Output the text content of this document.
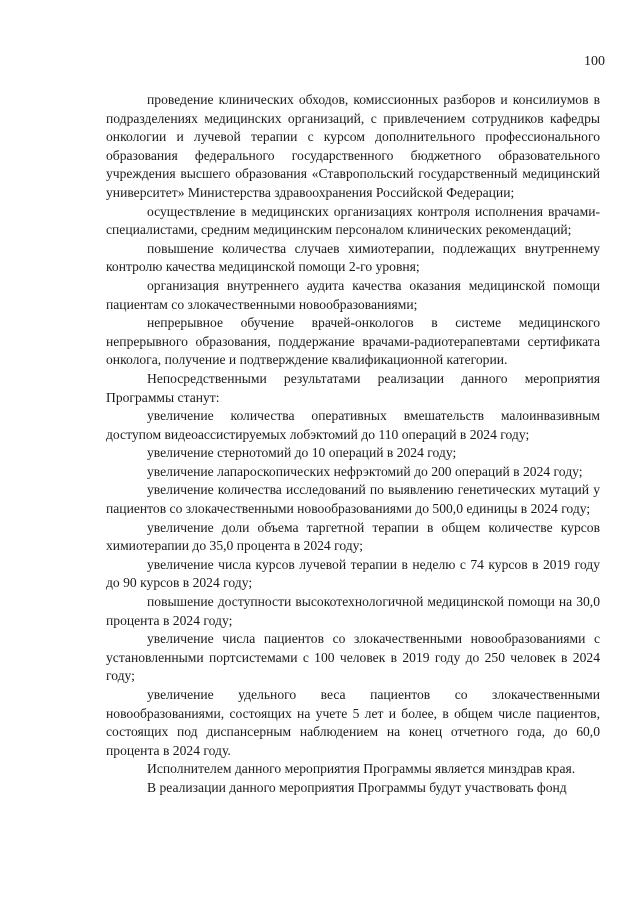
100

проведение клинических обходов, комиссионных разборов и консилиумов в подразделениях медицинских организаций, с привлечением сотрудников кафедры онкологии и лучевой терапии с курсом дополнительного профессионального образования федерального государственного бюджетного образовательного учреждения высшего образования «Ставропольский государственный медицинский университет» Министерства здравоохранения Российской Федерации;

осуществление в медицинских организациях контроля исполнения врачами-специалистами, средним медицинским персоналом клинических рекомендаций;

повышение количества случаев химиотерапии, подлежащих внутреннему контролю качества медицинской помощи 2-го уровня;

организация внутреннего аудита качества оказания медицинской помощи пациентам со злокачественными новообразованиями;

непрерывное обучение врачей-онкологов в системе медицинского непрерывного образования, поддержание врачами-радиотерапевтами сертификата онколога, получение и подтверждение квалификационной категории.

Непосредственными результатами реализации данного мероприятия Программы станут:

увеличение количества оперативных вмешательств малоинвазивным доступом видеоассистируемых лобэктомий до 110 операций в 2024 году;

увеличение стернотомий до 10 операций в 2024 году;

увеличение лапароскопических нефрэктомий до 200 операций в 2024 году;

увеличение количества исследований по выявлению генетических мутаций у пациентов со злокачественными новообразованиями до 500,0 единицы в 2024 году;

увеличение доли объема таргетной терапии в общем количестве курсов химиотерапии до 35,0 процента в 2024 году;

увеличение числа курсов лучевой терапии в неделю с 74 курсов в 2019 году до 90 курсов в 2024 году;

повышение доступности высокотехнологичной медицинской помощи на 30,0 процента в 2024 году;

увеличение числа пациентов со злокачественными новообразованиями с установленными портсистемами с 100 человек в 2019 году до 250 человек в 2024 году;

увеличение удельного веса пациентов со злокачественными новообразованиями, состоящих на учете 5 лет и более, в общем числе пациентов, состоящих под диспансерным наблюдением на конец отчетного года, до 60,0 процента в 2024 году.

Исполнителем данного мероприятия Программы является минздрав края.

В реализации данного мероприятия Программы будут участвовать фонд
